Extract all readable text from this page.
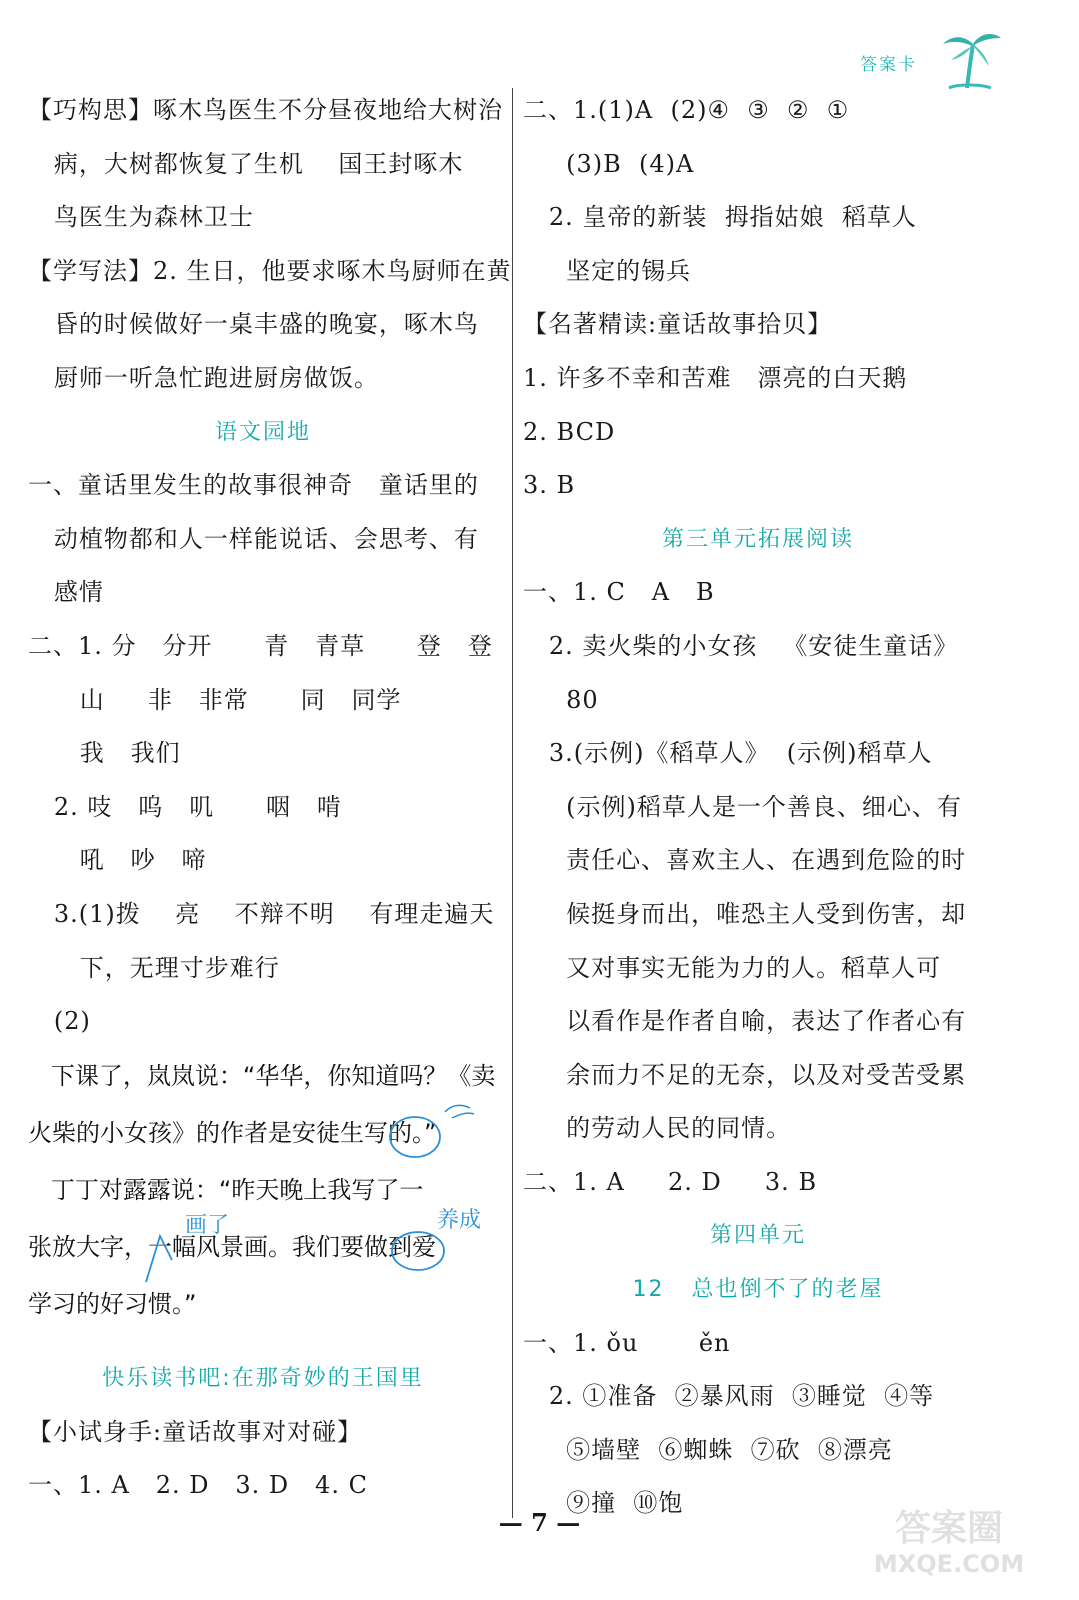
答案卡
【巧构思】啄木鸟医生不分昼夜地给大树治
病，大树都恢复了生机    国王封啄木
鸟医生为森林卫士
【学写法】2. 生日，他要求啄木鸟厨师在黄
昏的时候做好一桌丰盛的晚宴，啄木鸟
厨师一听急忙跑进厨房做饭。
语文园地
一、童话里发生的故事很神奇   童话里的
动植物都和人一样能说话、会思考、有
感情
二、1. 分   分开      青   青草      登   登
山     非   非常      同   同学
我   我们
2. 吱   呜   叽      咽   啃
吼   吵   啼
3.(1)拨    亮    不辩不明    有理走遍天
下，无理寸步难行
(2)
下课了，岚岚说：“华华，你知道吗？《卖
火柴的小女孩》的作者是安徒生写的。”
丁丁对露露说：“昨天晚上我写了一
张放大字，一幅风景画。我们要做到爱
学习的好习惯。”
画了	养成
快乐读书吧:在那奇妙的王国里
【小试身手:童话故事对对碰】
一、1. A   2. D   3. D   4. C
二、1.(1)A  (2)④  ③  ②  ①
(3)B  (4)A
2. 皇帝的新装  拇指姑娘  稻草人
坚定的锡兵
【名著精读:童话故事拾贝】
1. 许多不幸和苦难   漂亮的白天鹅
2. BCD
3. B
第三单元拓展阅读
一、1. C   A   B
2. 卖火柴的小女孩   《安徒生童话》
80
3.(示例)《稻草人》  (示例)稻草人
(示例)稻草人是一个善良、细心、有
责任心、喜欢主人、在遇到危险的时
候挺身而出，唯恐主人受到伤害，却
又对事实无能为力的人。稻草人可
以看作是作者自喻，表达了作者心有
余而力不足的无奈，以及对受苦受累
的劳动人民的同情。
二、1. A     2. D     3. B
第四单元
12   总也倒不了的老屋
一、1. ǒu       ěn
2. ①准备  ②暴风雨  ③睡觉  ④等
⑤墙壁  ⑥蜘蛛  ⑦砍  ⑧漂亮
⑨撞  ⑩饱
— 7 —	答案圈
MXQE.COM
